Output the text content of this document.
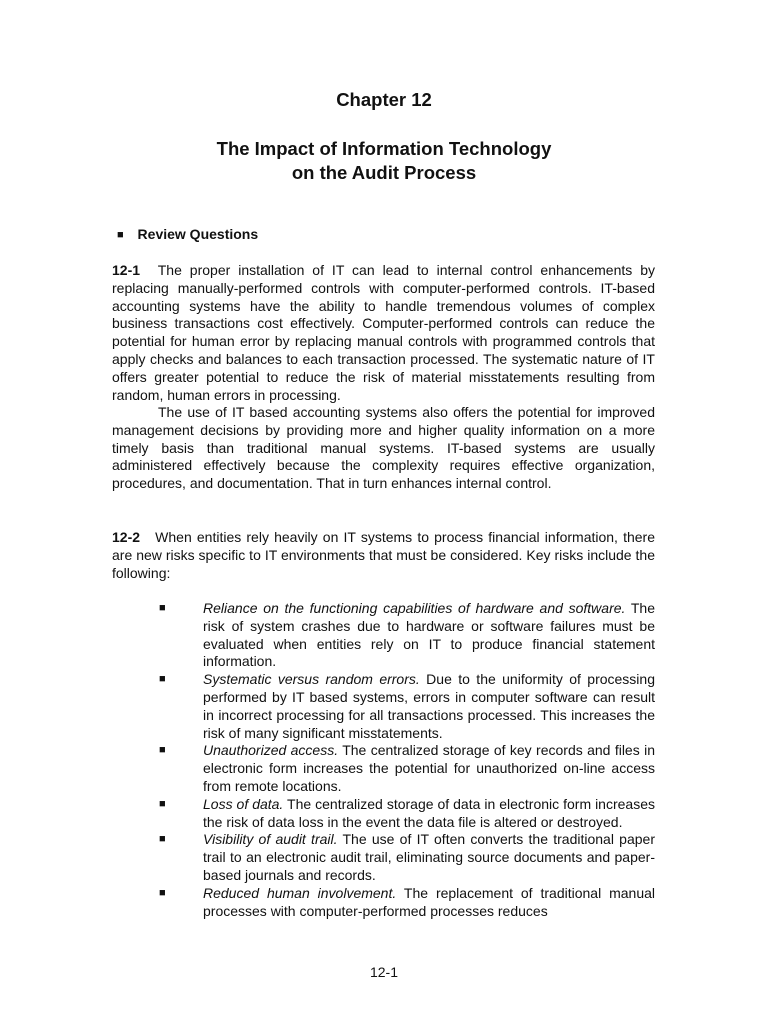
Chapter 12
The Impact of Information Technology
on the Audit Process
■ Review Questions
12-1 The proper installation of IT can lead to internal control enhancements by replacing manually-performed controls with computer-performed controls. IT-based accounting systems have the ability to handle tremendous volumes of complex business transactions cost effectively. Computer-performed controls can reduce the potential for human error by replacing manual controls with programmed controls that apply checks and balances to each transaction processed. The systematic nature of IT offers greater potential to reduce the risk of material misstatements resulting from random, human errors in processing.
The use of IT based accounting systems also offers the potential for improved management decisions by providing more and higher quality information on a more timely basis than traditional manual systems. IT-based systems are usually administered effectively because the complexity requires effective organization, procedures, and documentation. That in turn enhances internal control.
12-2 When entities rely heavily on IT systems to process financial information, there are new risks specific to IT environments that must be considered. Key risks include the following:
■	Reliance on the functioning capabilities of hardware and software. The risk of system crashes due to hardware or software failures must be evaluated when entities rely on IT to produce financial statement information.
■	Systematic versus random errors. Due to the uniformity of processing performed by IT based systems, errors in computer software can result in incorrect processing for all transactions processed. This increases the risk of many significant misstatements.
■	Unauthorized access. The centralized storage of key records and files in electronic form increases the potential for unauthorized on-line access from remote locations.
■	Loss of data. The centralized storage of data in electronic form increases the risk of data loss in the event the data file is altered or destroyed.
■	Visibility of audit trail. The use of IT often converts the traditional paper trail to an electronic audit trail, eliminating source documents and paper-based journals and records.
■	Reduced human involvement. The replacement of traditional manual processes with computer-performed processes reduces
12-1
